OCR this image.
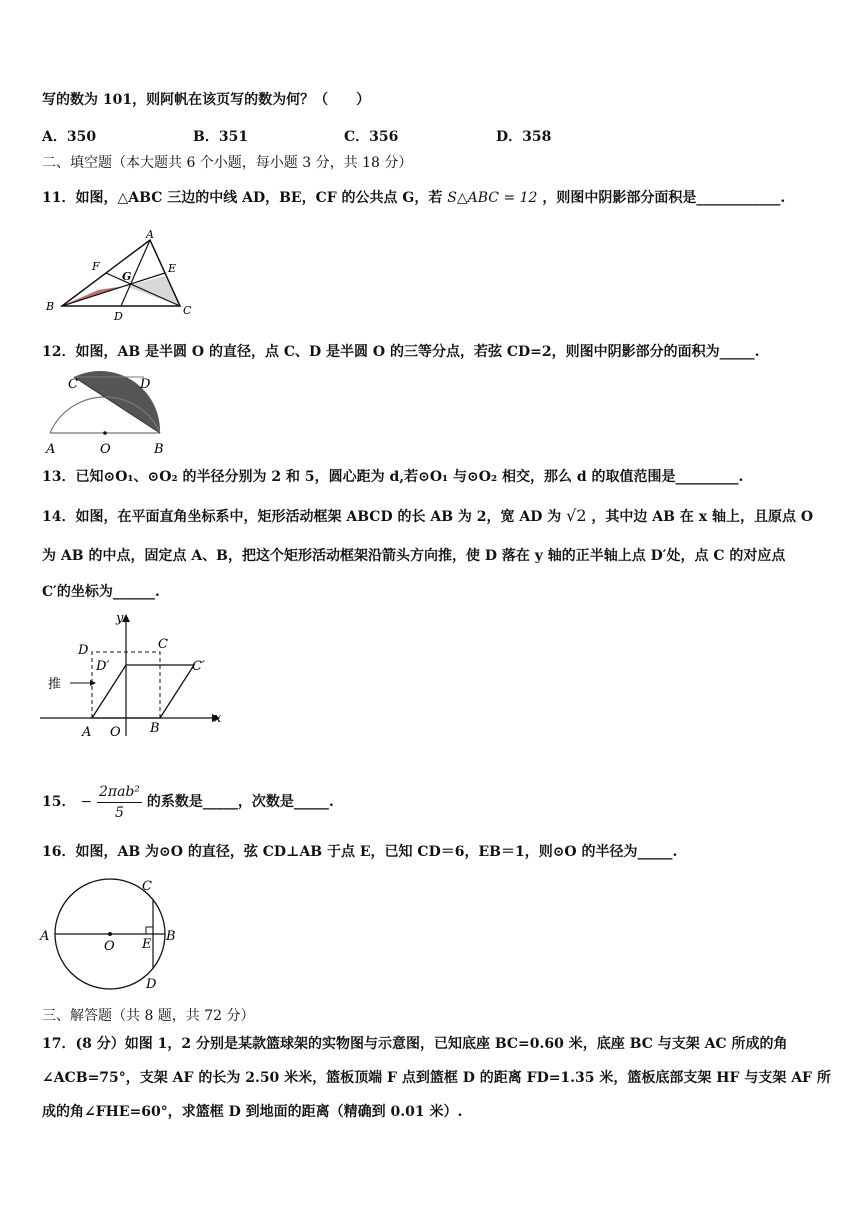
写的数为 101，则阿帆在该页写的数为何？（　　）
A．350	B．351	C．356	D．358
二、填空题（本大题共 6 个小题，每小题 3 分，共 18 分）
11．如图，△ABC 三边的中线 AD，BE，CF 的公共点 G，若 S△ABC = 12 ，则图中阴影部分面积是____________.
A
F
G
E
B
D	C
12．如图，AB 是半圆 O 的直径，点 C、D 是半圆 O 的三等分点，若弦 CD=2，则图中阴影部分的面积为_____.
C	D
A	O	B
13．已知⊙O₁、⊙O₂ 的半径分别为 2 和 5，圆心距为 d,若⊙O₁ 与⊙O₂ 相交，那么 d 的取值范围是_________.
14．如图，在平面直角坐标系中，矩形活动框架 ABCD 的长 AB 为 2，宽 AD 为 √2 ，其中边 AB 在 x 轴上，且原点 O
为 AB 的中点，固定点 A、B，把这个矩形活动框架沿箭头方向推，使 D 落在 y 轴的正半轴上点 D′处，点 C 的对应点
C′的坐标为______.
y
D	C
D′	C′
推
A O B
x
15． − $\frac{\text{2πab²}}{5}$ 的系数是_____，次数是_____.
16．如图，AB 为⊙O 的直径，弦 CD⊥AB 于点 E，已知 CD＝6，EB＝1，则⊙O 的半径为_____.
C
A
O E
B
D
三、解答题（共 8 题，共 72 分）
17．(8 分）如图 1，2 分别是某款篮球架的实物图与示意图，已知底座 BC=0.60 米，底座 BC 与支架 AC 所成的角
∠ACB=75°，支架 AF 的长为 2.50 米米，篮板顶端 F 点到篮框 D 的距离 FD=1.35 米，篮板底部支架 HF 与支架 AF 所
成的角∠FHE=60°，求篮框 D 到地面的距离（精确到 0.01 米）.
